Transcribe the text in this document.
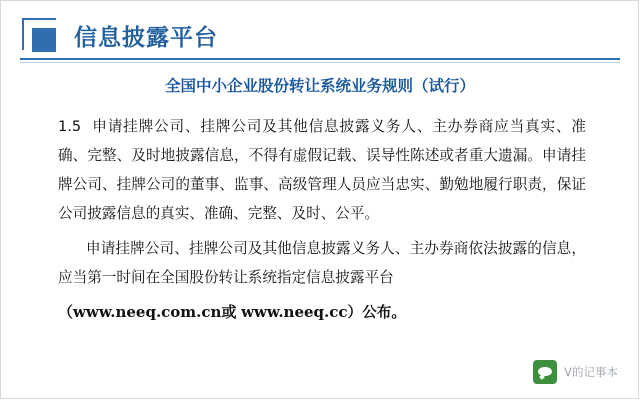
信息披露平台
全国中小企业股份转让系统业务规则（试行）

1.5 申请挂牌公司、挂牌公司及其他信息披露义务人、主办券商应当真实、准确、完整、及时地披露信息，不得有虚假记载、误导性陈述或者重大遗漏。申请挂牌公司、挂牌公司的董事、监事、高级管理人员应当忠实、勤勉地履行职责，保证公司披露信息的真实、准确、完整、及时、公平。

申请挂牌公司、挂牌公司及其他信息披露义务人、主办券商依法披露的信息，应当第一时间在全国股份转让系统指定信息披露平台

（www.neeq.com.cn或 www.neeq.cc）公布。

V的记事本
